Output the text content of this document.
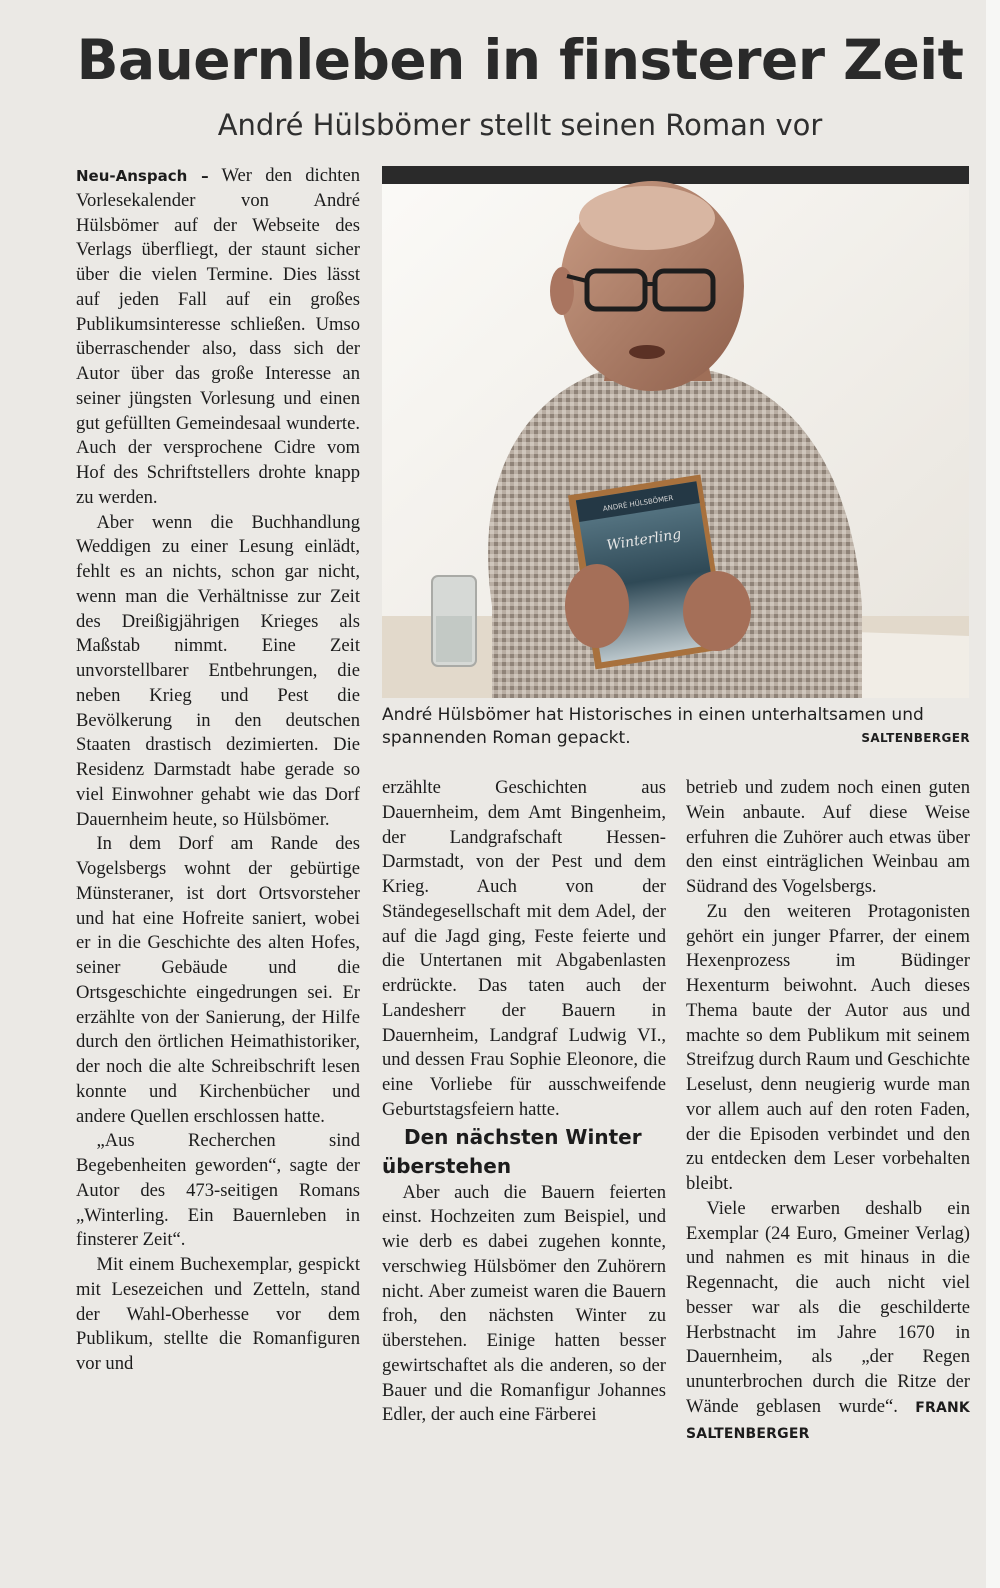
Bauernleben in finsterer Zeit
André Hülsbömer stellt seinen Roman vor

Neu-Anspach – Wer den dichten Vorlesekalender von André Hülsbömer auf der Webseite des Verlags überfliegt, der staunt sicher über die vielen Termine. Dies lässt auf jeden Fall auf ein großes Publikumsinteresse schließen. Umso überraschender also, dass sich der Autor über das große Interesse an seiner jüngsten Vorlesung und einen gut gefüllten Gemeindesaal wunderte. Auch der versprochene Cidre vom Hof des Schriftstellers drohte knapp zu werden.

Aber wenn die Buchhandlung Weddigen zu einer Lesung einlädt, fehlt es an nichts, schon gar nicht, wenn man die Verhältnisse zur Zeit des Dreißigjährigen Krieges als Maßstab nimmt. Eine Zeit unvorstellbarer Entbehrungen, die neben Krieg und Pest die Bevölkerung in den deutschen Staaten drastisch dezimierten. Die Residenz Darmstadt habe gerade so viel Einwohner gehabt wie das Dorf Dauernheim heute, so Hülsbömer.

In dem Dorf am Rande des Vogelsbergs wohnt der gebürtige Münsteraner, ist dort Ortsvorsteher und hat eine Hofreite saniert, wobei er in die Geschichte des alten Hofes, seiner Gebäude und die Ortsgeschichte eingedrungen sei. Er erzählte von der Sanierung, der Hilfe durch den örtlichen Heimathistoriker, der noch die alte Schreibschrift lesen konnte und Kirchenbücher und andere Quellen erschlossen hatte.

„Aus Recherchen sind Begebenheiten geworden“, sagte der Autor des 473-seitigen Romans „Winterling. Ein Bauernleben in finsterer Zeit“.

Mit einem Buchexemplar, gespickt mit Lesezeichen und Zetteln, stand der Wahl-Oberhesse vor dem Publikum, stellte die Romanfiguren vor und

ANDRÉ HÜLSBÖMER
Winterling
André Hülsbömer hat Historisches in einen unterhaltsamen und spannenden Roman gepackt.	SALTENBERGER

erzählte Geschichten aus Dauernheim, dem Amt Bingenheim, der Landgrafschaft Hessen-Darmstadt, von der Pest und dem Krieg. Auch von der Ständegesellschaft mit dem Adel, der auf die Jagd ging, Feste feierte und die Untertanen mit Abgabenlasten erdrückte. Das taten auch der Landesherr der Bauern in Dauernheim, Landgraf Ludwig VI., und dessen Frau Sophie Eleonore, die eine Vorliebe für ausschweifende Geburtstagsfeiern hatte.

Den nächsten Winter überstehen

Aber auch die Bauern feierten einst. Hochzeiten zum Beispiel, und wie derb es dabei zugehen konnte, verschwieg Hülsbömer den Zuhörern nicht. Aber zumeist waren die Bauern froh, den nächsten Winter zu überstehen. Einige hatten besser gewirtschaftet als die anderen, so der Bauer und die Romanfigur Johannes Edler, der auch eine Färberei

betrieb und zudem noch einen guten Wein anbaute. Auf diese Weise erfuhren die Zuhörer auch etwas über den einst einträglichen Weinbau am Südrand des Vogelsbergs.

Zu den weiteren Protagonisten gehört ein junger Pfarrer, der einem Hexenprozess im Büdinger Hexenturm beiwohnt. Auch dieses Thema baute der Autor aus und machte so dem Publikum mit seinem Streifzug durch Raum und Geschichte Leselust, denn neugierig wurde man vor allem auch auf den roten Faden, der die Episoden verbindet und den zu entdecken dem Leser vorbehalten bleibt.

Viele erwarben deshalb ein Exemplar (24 Euro, Gmeiner Verlag) und nahmen es mit hinaus in die Regennacht, die auch nicht viel besser war als die geschilderte Herbstnacht im Jahre 1670 in Dauernheim, als „der Regen ununterbrochen durch die Ritze der Wände geblasen wurde“. FRANK SALTENBERGER
